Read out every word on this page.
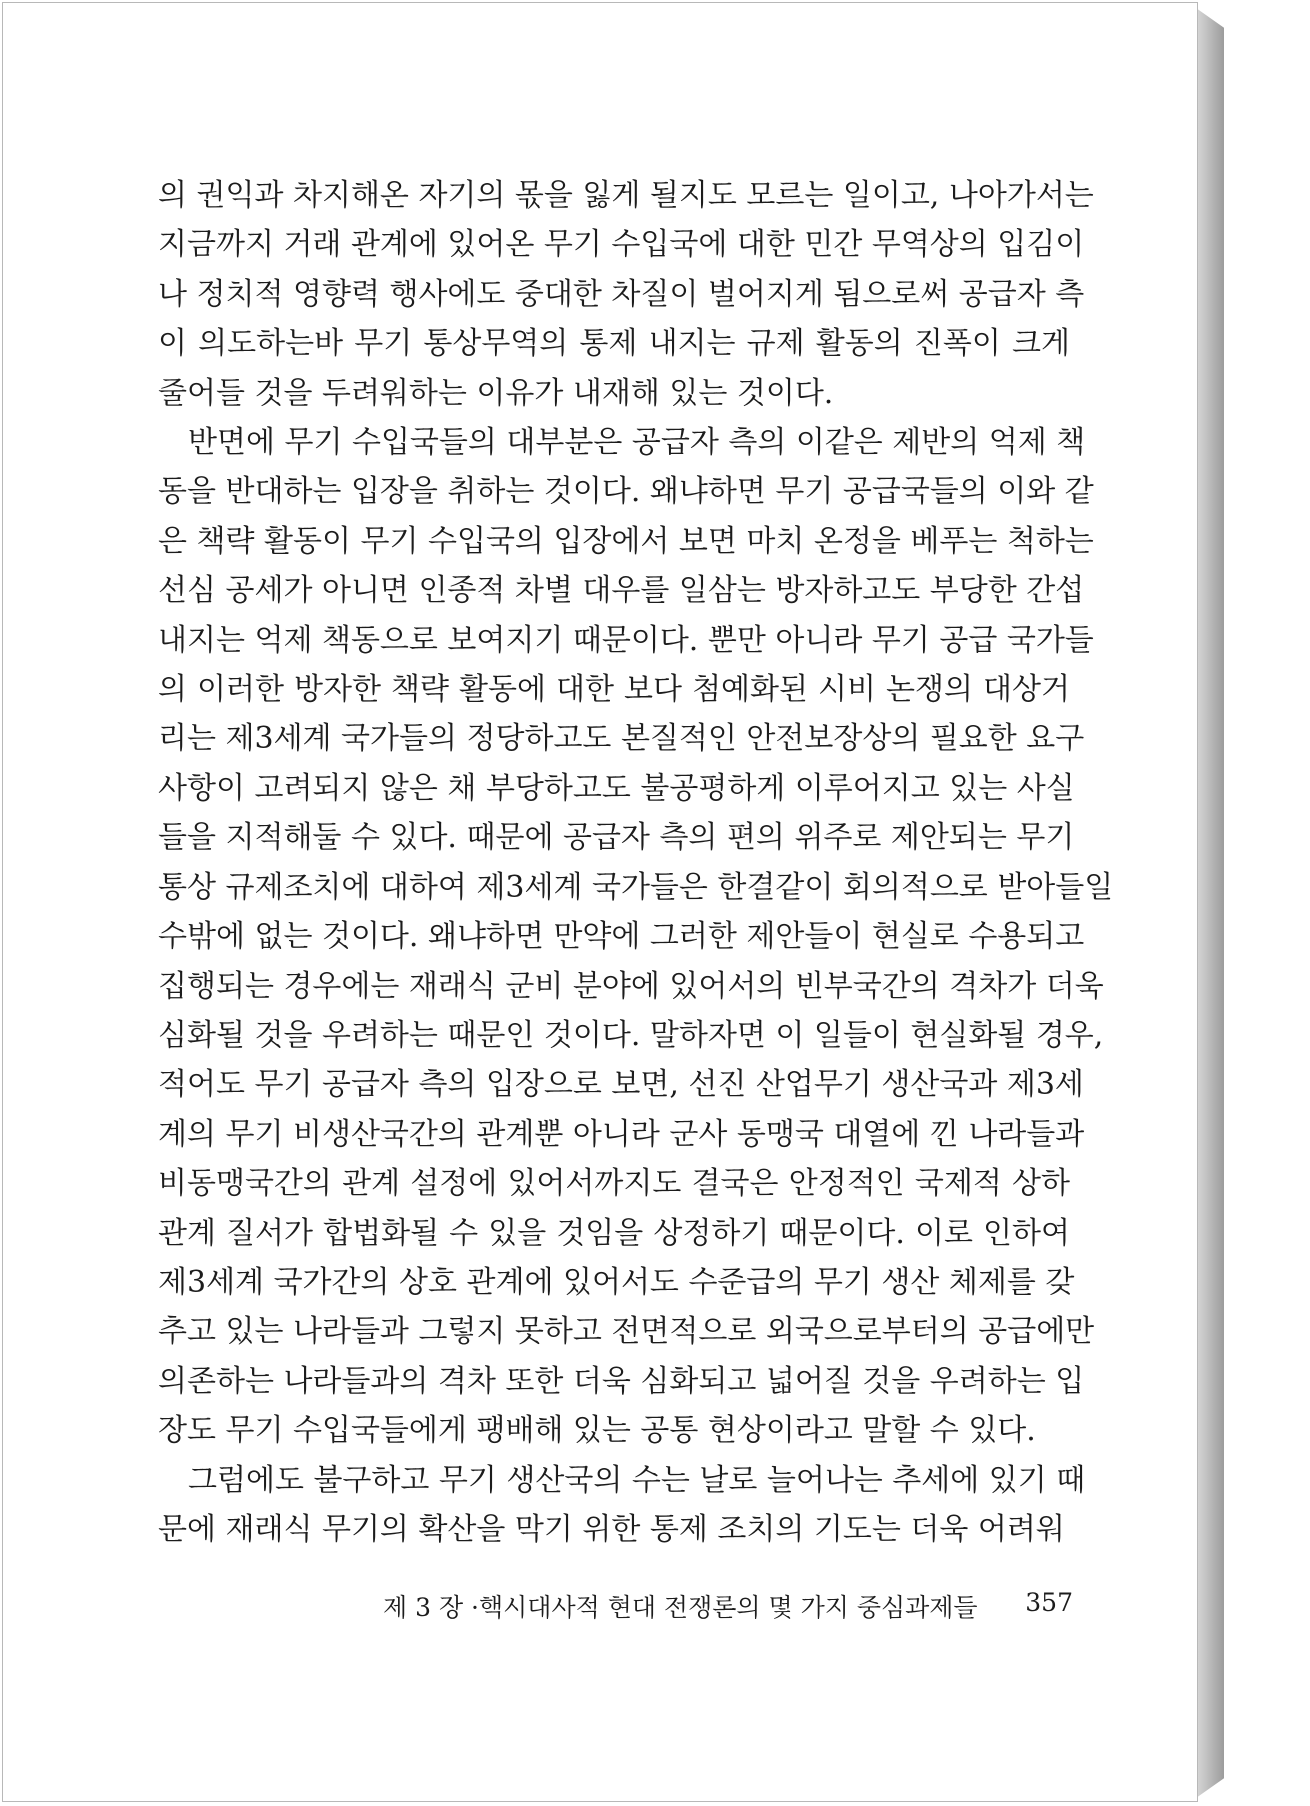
의 권익과 차지해온 자기의 몫을 잃게 될지도 모르는 일이고, 나아가서는
지금까지 거래 관계에 있어온 무기 수입국에 대한 민간 무역상의 입김이
나 정치적 영향력 행사에도 중대한 차질이 벌어지게 됨으로써 공급자 측
이 의도하는바 무기 통상무역의 통제 내지는 규제 활동의 진폭이 크게
줄어들 것을 두려워하는 이유가 내재해 있는 것이다.
반면에 무기 수입국들의 대부분은 공급자 측의 이같은 제반의 억제 책
동을 반대하는 입장을 취하는 것이다. 왜냐하면 무기 공급국들의 이와 같
은 책략 활동이 무기 수입국의 입장에서 보면 마치 온정을 베푸는 척하는
선심 공세가 아니면 인종적 차별 대우를 일삼는 방자하고도 부당한 간섭
내지는 억제 책동으로 보여지기 때문이다. 뿐만 아니라 무기 공급 국가들
의 이러한 방자한 책략 활동에 대한 보다 첨예화된 시비 논쟁의 대상거
리는 제3세계 국가들의 정당하고도 본질적인 안전보장상의 필요한 요구
사항이 고려되지 않은 채 부당하고도 불공평하게 이루어지고 있는 사실
들을 지적해둘 수 있다. 때문에 공급자 측의 편의 위주로 제안되는 무기
통상 규제조치에 대하여 제3세계 국가들은 한결같이 회의적으로 받아들일
수밖에 없는 것이다. 왜냐하면 만약에 그러한 제안들이 현실로 수용되고
집행되는 경우에는 재래식 군비 분야에 있어서의 빈부국간의 격차가 더욱
심화될 것을 우려하는 때문인 것이다. 말하자면 이 일들이 현실화될 경우,
적어도 무기 공급자 측의 입장으로 보면, 선진 산업무기 생산국과 제3세
계의 무기 비생산국간의 관계뿐 아니라 군사 동맹국 대열에 낀 나라들과
비동맹국간의 관계 설정에 있어서까지도 결국은 안정적인 국제적 상하
관계 질서가 합법화될 수 있을 것임을 상정하기 때문이다. 이로 인하여
제3세계 국가간의 상호 관계에 있어서도 수준급의 무기 생산 체제를 갖
추고 있는 나라들과 그렇지 못하고 전면적으로 외국으로부터의 공급에만
의존하는 나라들과의 격차 또한 더욱 심화되고 넓어질 것을 우려하는 입
장도 무기 수입국들에게 팽배해 있는 공통 현상이라고 말할 수 있다.
그럼에도 불구하고 무기 생산국의 수는 날로 늘어나는 추세에 있기 때
문에 재래식 무기의 확산을 막기 위한 통제 조치의 기도는 더욱 어려워
제 3 장 ·핵시대사적 현대 전쟁론의 몇 가지 중심과제들 357
